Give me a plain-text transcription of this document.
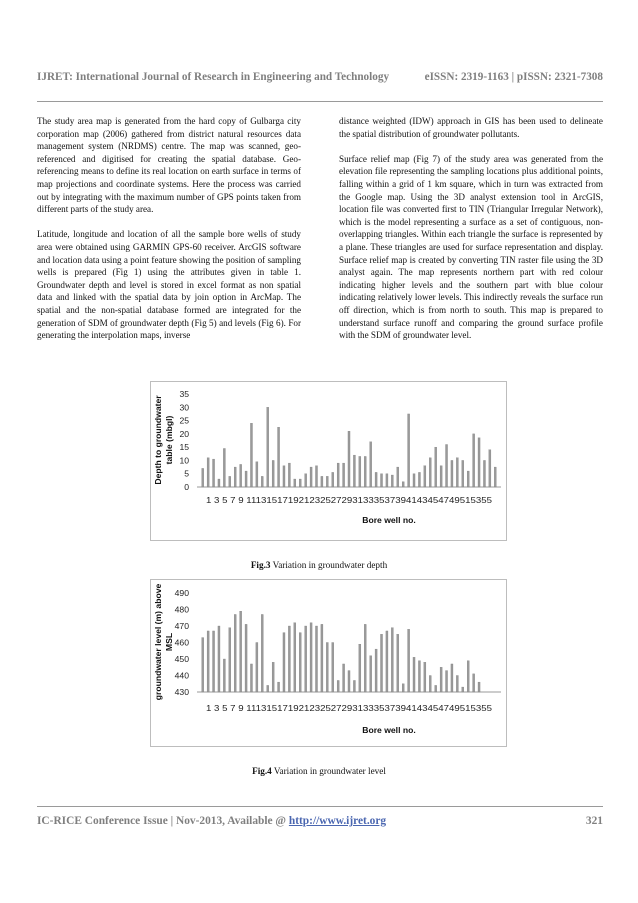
IJRET: International Journal of Research in Engineering and Technology	eISSN: 2319-1163 | pISSN: 2321-7308

The study area map is generated from the hard copy of Gulbarga city corporation map (2006) gathered from district natural resources data management system (NRDMS) centre. The map was scanned, geo-referenced and digitised for creating the spatial database. Geo-referencing means to define its real location on earth surface in terms of map projections and coordinate systems. Here the process was carried out by integrating with the maximum number of GPS points taken from different parts of the study area.

Latitude, longitude and location of all the sample bore wells of study area were obtained using GARMIN GPS-60 receiver. ArcGIS software and location data using a point feature showing the position of sampling wells is prepared (Fig 1) using the attributes given in table 1. Groundwater depth and level is stored in excel format as non spatial data and linked with the spatial data by join option in ArcMap. The spatial and the non-spatial database formed are integrated for the generation of SDM of groundwater depth (Fig 5) and levels (Fig 6). For generating the interpolation maps, inverse

distance weighted (IDW) approach in GIS has been used to delineate the spatial distribution of groundwater pollutants.

Surface relief map (Fig 7) of the study area was generated from the elevation file representing the sampling locations plus additional points, falling within a grid of 1 km square, which in turn was extracted from the Google map. Using the 3D analyst extension tool in ArcGIS, location file was converted first to TIN (Triangular Irregular Network), which is the model representing a surface as a set of contiguous, non-overlapping triangles. Within each triangle the surface is represented by a plane. These triangles are used for surface representation and display. Surface relief map is created by converting TIN raster file using the 3D analyst again. The map represents northern part with red colour indicating higher levels and the southern part with blue colour indicating relatively lower levels. This indirectly reveals the surface run off direction, which is from north to south. This map is prepared to understand surface runoff and comparing the ground surface profile with the SDM of groundwater level.

0
5
10
15
20
25
30
35
1 3 5 7 9 1113151719212325272931333537394143454749515355
Bore well no.
Depth to groundwatertable (mbgl)
Fig.3 Variation in groundwater depth
430
440
450
460
470
480
490
1 3 5 7 9 1113151719212325272931333537394143454749515355
Bore well no.
groundwater level (m) aboveMSL
Fig.4 Variation in groundwater level
IC-RICE Conference Issue | Nov-2013, Available @ http://www.ijret.org	321
